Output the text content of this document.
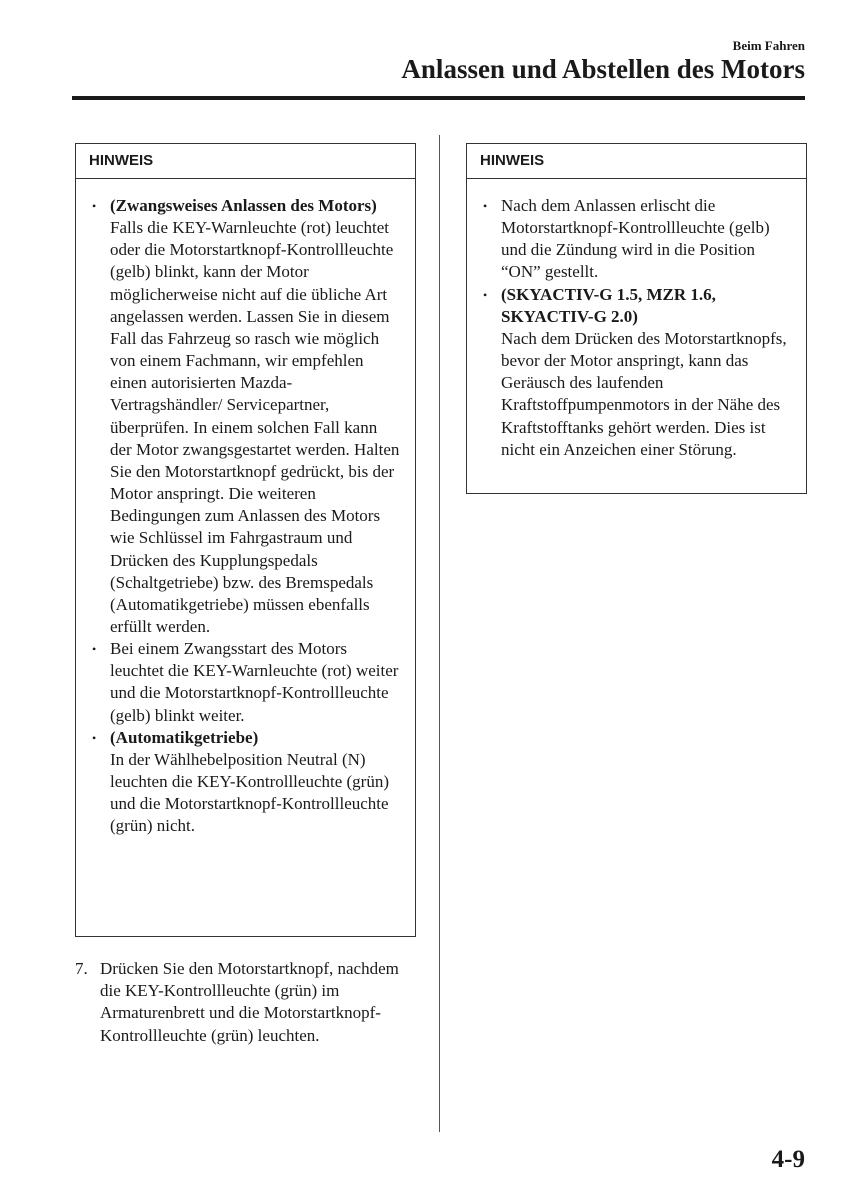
Beim Fahren
Anlassen und Abstellen des Motors
HINWEIS
• (Zwangsweises Anlassen des Motors)
Falls die KEY-Warnleuchte (rot) leuchtet oder die Motorstartknopf-Kontrollleuchte (gelb) blinkt, kann der Motor möglicherweise nicht auf die übliche Art angelassen werden. Lassen Sie in diesem Fall das Fahrzeug so rasch wie möglich von einem Fachmann, wir empfehlen einen autorisierten Mazda-Vertragshändler/ Servicepartner, überprüfen. In einem solchen Fall kann der Motor zwangsgestartet werden. Halten Sie den Motorstartknopf gedrückt, bis der Motor anspringt. Die weiteren Bedingungen zum Anlassen des Motors wie Schlüssel im Fahrgastraum und Drücken des Kupplungspedals (Schaltgetriebe) bzw. des Bremspedals (Automatikgetriebe) müssen ebenfalls erfüllt werden.
• Bei einem Zwangsstart des Motors leuchtet die KEY-Warnleuchte (rot) weiter und die Motorstartknopf-Kontrollleuchte (gelb) blinkt weiter.
• (Automatikgetriebe)
In der Wählhebelposition Neutral (N) leuchten die KEY-Kontrollleuchte (grün) und die Motorstartknopf-Kontrollleuchte (grün) nicht.
7. Drücken Sie den Motorstartknopf, nachdem die KEY-Kontrollleuchte (grün) im Armaturenbrett und die Motorstartknopf-Kontrollleuchte (grün) leuchten.
HINWEIS
• Nach dem Anlassen erlischt die Motorstartknopf-Kontrollleuchte (gelb) und die Zündung wird in die Position “ON” gestellt.
• (SKYACTIV-G 1.5, MZR 1.6, SKYACTIV-G 2.0)
Nach dem Drücken des Motorstartknopfs, bevor der Motor anspringt, kann das Geräusch des laufenden Kraftstoffpumpenmotors in der Nähe des Kraftstofftanks gehört werden. Dies ist nicht ein Anzeichen einer Störung.
4-9
